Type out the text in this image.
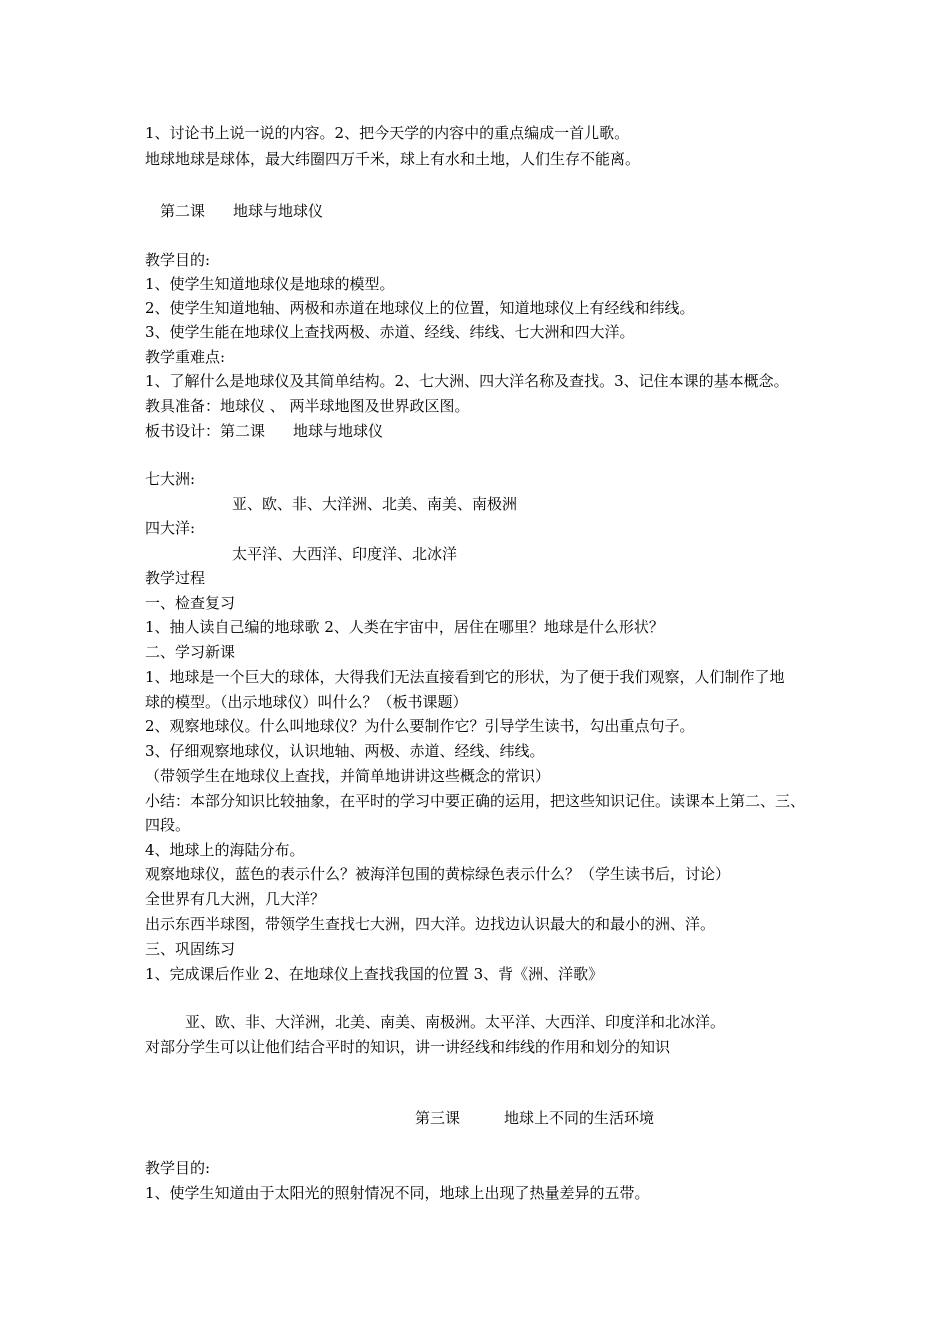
1、讨论书上说一说的内容。2、把今天学的内容中的重点编成一首儿歌。
地球地球是球体，最大纬圈四万千米，球上有水和土地，人们生存不能离。
第二课 地球与地球仪
教学目的:
1、使学生知道地球仪是地球的模型。
2、使学生知道地轴、两极和赤道在地球仪上的位置，知道地球仪上有经线和纬线。
3、使学生能在地球仪上查找两极、赤道、经线、纬线、七大洲和四大洋。
教学重难点:
1、了解什么是地球仪及其简单结构。2、七大洲、四大洋名称及查找。3、记住本课的基本概念。
教具准备：地球仪 、 两半球地图及世界政区图。
板书设计：第二课 地球与地球仪
七大洲:
亚、欧、非、大洋洲、北美、南美、南极洲
四大洋:
太平洋、大西洋、印度洋、北冰洋
教学过程
一、检查复习
1、抽人读自己编的地球歌 2、人类在宇宙中，居住在哪里？地球是什么形状？
二、学习新课
1、地球是一个巨大的球体，大得我们无法直接看到它的形状，为了便于我们观察，人们制作了地
球的模型。（出示地球仪）叫什么？（板书课题）
2、观察地球仪。什么叫地球仪？为什么要制作它？引导学生读书，勾出重点句子。
3、仔细观察地球仪，认识地轴、两极、赤道、经线、纬线。
（带领学生在地球仪上查找，并简单地讲讲这些概念的常识）
小结：本部分知识比较抽象，在平时的学习中要正确的运用，把这些知识记住。读课本上第二、三、
四段。
4、地球上的海陆分布。
观察地球仪，蓝色的表示什么？被海洋包围的黄棕绿色表示什么？（学生读书后，讨论）
全世界有几大洲，几大洋？
出示东西半球图，带领学生查找七大洲，四大洋。边找边认识最大的和最小的洲、洋。
三、巩固练习
1、完成课后作业 2、在地球仪上查找我国的位置 3、背《洲、洋歌》
亚、欧、非、大洋洲，北美、南美、南极洲。太平洋、大西洋、印度洋和北冰洋。
对部分学生可以让他们结合平时的知识，讲一讲经线和纬线的作用和划分的知识
第三课	地球上不同的生活环境
教学目的:
1、使学生知道由于太阳光的照射情况不同，地球上出现了热量差异的五带。
